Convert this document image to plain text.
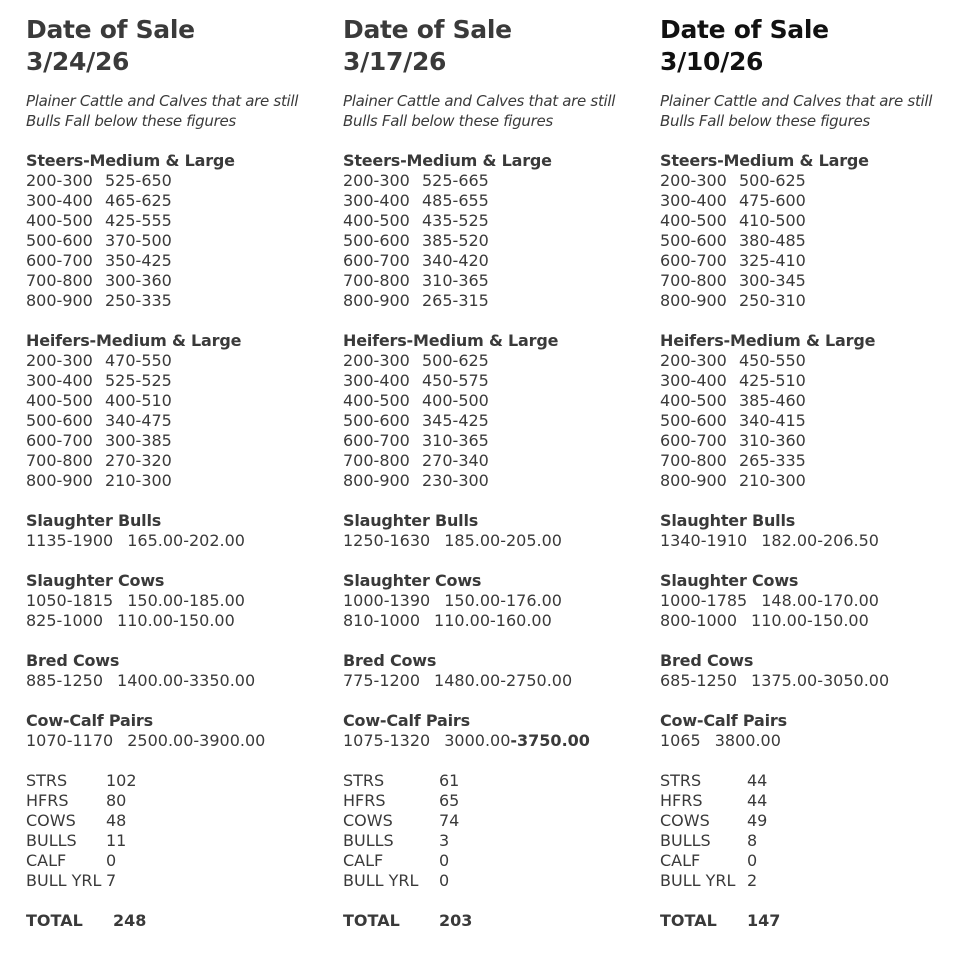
Date of Sale
3/24/26
Plainer Cattle and Calves that are still
Bulls Fall below these figures
Steers-Medium & Large
200-300 525-650
300-400 465-625
400-500 425-555
500-600 370-500
600-700 350-425
700-800 300-360
800-900 250-335
Heifers-Medium & Large
200-300 470-550
300-400 525-525
400-500 400-510
500-600 340-475
600-700 300-385
700-800 270-320
800-900 210-300
Slaughter Bulls
1135-1900 165.00-202.00
Slaughter Cows
1050-1815 150.00-185.00
825-1000 110.00-150.00
Bred Cows
885-1250 1400.00-3350.00
Cow-Calf Pairs
1070-1170 2500.00-3900.00
STRS 102
HFRS 80
COWS 48
BULLS 11
CALF 0
BULL YRL 7
TOTAL 248
Date of Sale
3/17/26
Plainer Cattle and Calves that are still
Bulls Fall below these figures
Steers-Medium & Large
200-300 525-665
300-400 485-655
400-500 435-525
500-600 385-520
600-700 340-420
700-800 310-365
800-900 265-315
Heifers-Medium & Large
200-300 500-625
300-400 450-575
400-500 400-500
500-600 345-425
600-700 310-365
700-800 270-340
800-900 230-300
Slaughter Bulls
1250-1630 185.00-205.00
Slaughter Cows
1000-1390 150.00-176.00
810-1000 110.00-160.00
Bred Cows
775-1200 1480.00-2750.00
Cow-Calf Pairs
1075-1320 3000.00-3750.00
STRS	61
HFRS	65
COWS	74
BULLS	3
CALF	0
BULL YRL 0
TOTAL 203
Date of Sale
3/10/26
Plainer Cattle and Calves that are still
Bulls Fall below these figures
Steers-Medium & Large
200-300 500-625
300-400 475-600
400-500 410-500
500-600 380-485
600-700 325-410
700-800 300-345
800-900 250-310
Heifers-Medium & Large
200-300 450-550
300-400 425-510
400-500 385-460
500-600 340-415
600-700 310-360
700-800 265-335
800-900 210-300
Slaughter Bulls
1340-1910 182.00-206.50
Slaughter Cows
1000-1785 148.00-170.00
800-1000 110.00-150.00
Bred Cows
685-1250 1375.00-3050.00
Cow-Calf Pairs
1065 3800.00
STRS	44
HFRS	44
COWS 49
BULLS 8
CALF	0
BULL YRL 2
TOTAL 147
